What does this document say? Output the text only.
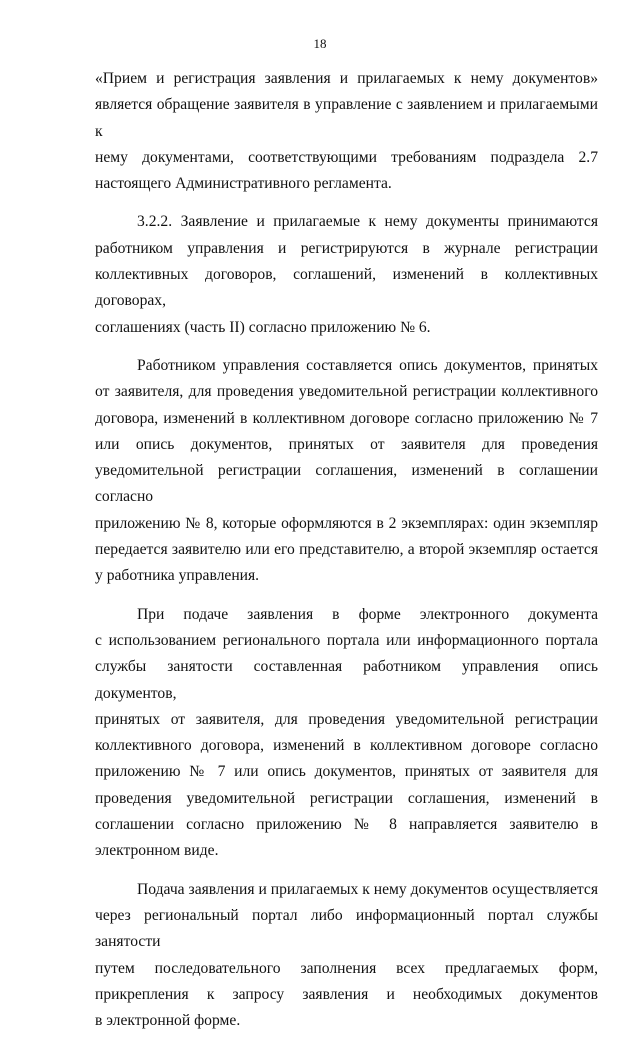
18

«Прием и регистрация заявления и прилагаемых к нему документов»
является обращение заявителя в управление с заявлением и прилагаемыми к
нему документами, соответствующими требованиям подраздела 2.7
настоящего Административного регламента.

3.2.2. Заявление и прилагаемые к нему документы принимаются
работником управления и регистрируются в журнале регистрации
коллективных договоров, соглашений, изменений в коллективных договорах,
соглашениях (часть II) согласно приложению № 6.

Работником управления составляется опись документов, принятых
от заявителя, для проведения уведомительной регистрации коллективного
договора, изменений в коллективном договоре согласно приложению № 7
или опись документов, принятых от заявителя для проведения
уведомительной регистрации соглашения, изменений в соглашении согласно
приложению № 8, которые оформляются в 2 экземплярах: один экземпляр
передается заявителю или его представителю, а второй экземпляр остается
у работника управления.

При подаче заявления в форме электронного документа
с использованием регионального портала или информационного портала
службы занятости составленная работником управления опись документов,
принятых от заявителя, для проведения уведомительной регистрации
коллективного договора, изменений в коллективном договоре согласно
приложению № 7 или опись документов, принятых от заявителя для
проведения уведомительной регистрации соглашения, изменений в
соглашении согласно приложению № 8 направляется заявителю в
электронном виде.

Подача заявления и прилагаемых к нему документов осуществляется
через региональный портал либо информационный портал службы занятости
путем последовательного заполнения всех предлагаемых форм,
прикрепления к запросу заявления и необходимых документов
в электронной форме.
